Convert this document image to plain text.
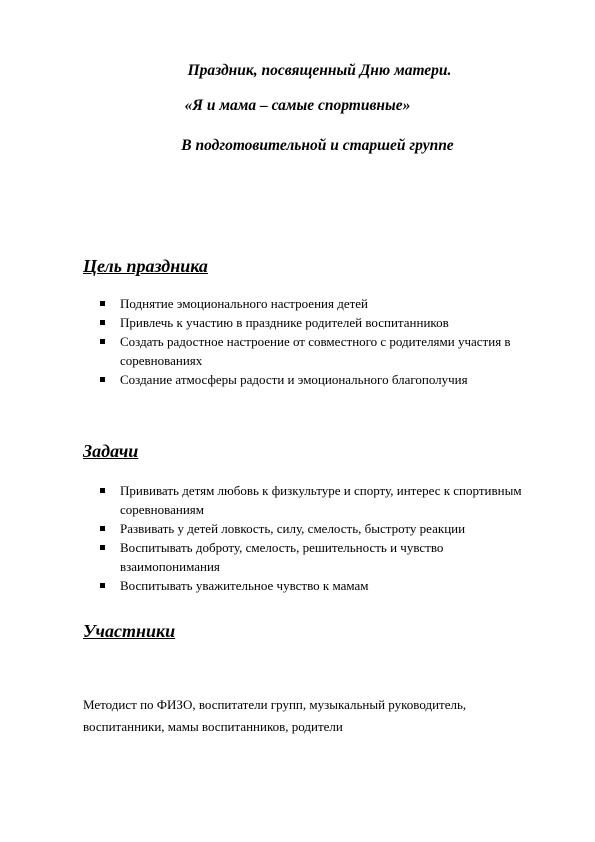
Праздник, посвященный Дню матери.
«Я и мама – самые спортивные»
В подготовительной и старшей группе
Цель праздника
Поднятие эмоционального настроения детей
Привлечь к участию в празднике родителей воспитанников
Создать радостное настроение от совместного с родителями участия в соревнованиях
Создание атмосферы радости и эмоционального благополучия
Задачи
Прививать детям любовь к физкультуре и спорту, интерес к спортивным соревнованиям
Развивать у детей ловкость, силу, смелость, быстроту реакции
Воспитывать доброту, смелость, решительность и чувство взаимопонимания
Воспитывать уважительное чувство к мамам
Участники
Методист по ФИЗО, воспитатели групп, музыкальный руководитель, воспитанники, мамы воспитанников, родители
